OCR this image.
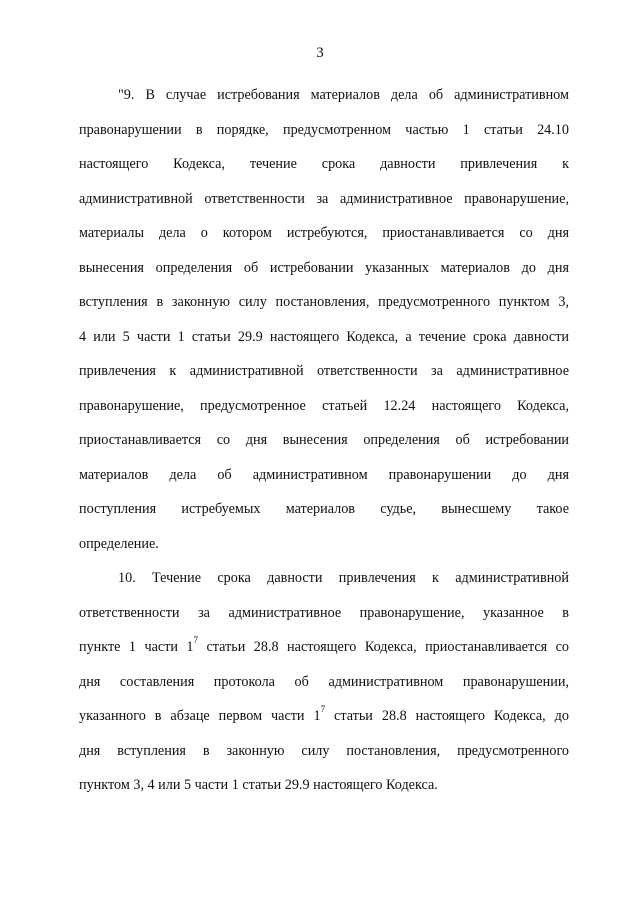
3
"9. В случае истребования материалов дела об административном
правонарушении в порядке, предусмотренном частью 1 статьи 24.10
настоящего Кодекса, течение срока давности привлечения к
административной ответственности за административное правонарушение,
материалы дела о котором истребуются, приостанавливается со дня
вынесения определения об истребовании указанных материалов до дня
вступления в законную силу постановления, предусмотренного пунктом 3,
4 или 5 части 1 статьи 29.9 настоящего Кодекса, а течение срока давности
привлечения к административной ответственности за административное
правонарушение, предусмотренное статьей 12.24 настоящего Кодекса,
приостанавливается со дня вынесения определения об истребовании
материалов дела об административном правонарушении до дня
поступления истребуемых материалов судье, вынесшему такое
определение.
10. Течение срока давности привлечения к административной
ответственности за административное правонарушение, указанное в
пункте 1 части $1^7$ статьи 28.8 настоящего Кодекса, приостанавливается со
дня составления протокола об административном правонарушении,
указанного в абзаце первом части $1^7$ статьи 28.8 настоящего Кодекса, до
дня вступления в законную силу постановления, предусмотренного
пунктом 3, 4 или 5 части 1 статьи 29.9 настоящего Кодекса.
